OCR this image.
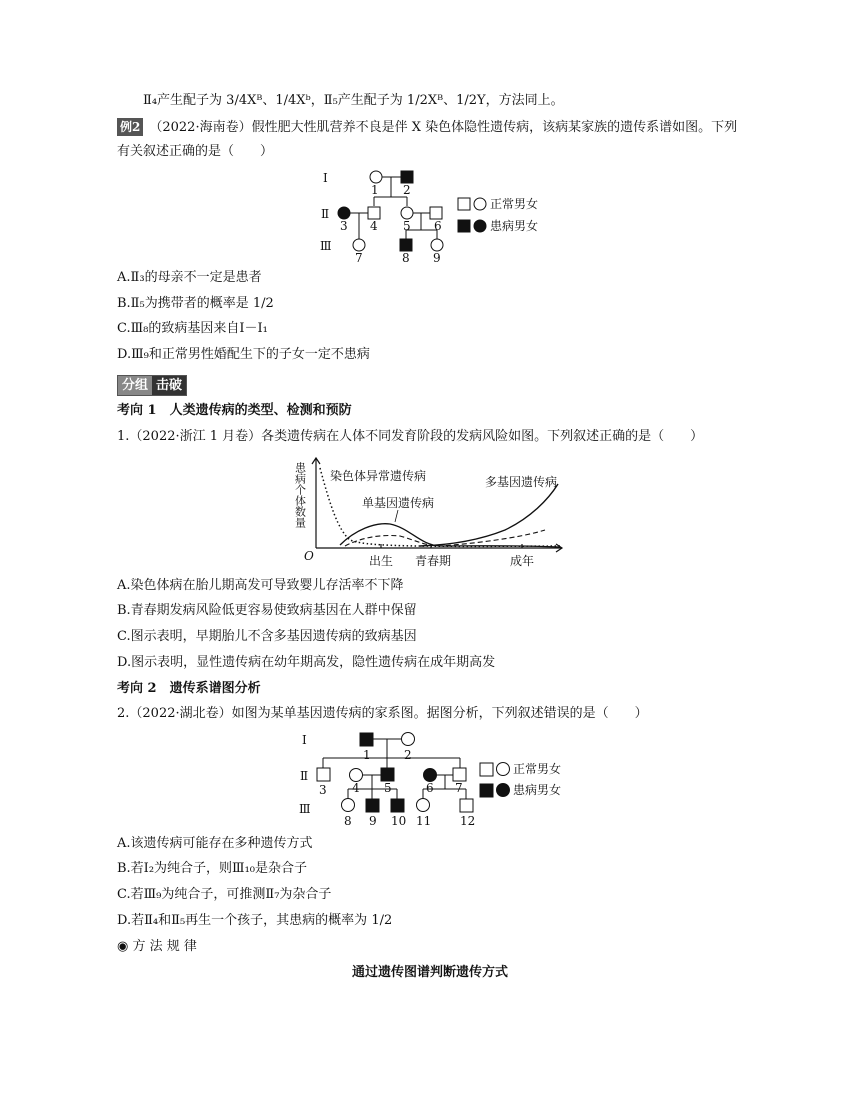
Ⅱ₄产生配子为 3/4Xᴮ、1/4Xᵇ，Ⅱ₅产生配子为 1/2Xᴮ、1/2Y，方法同上。
例2 （2022·海南卷）假性肥大性肌营养不良是伴 X 染色体隐性遗传病，该病某家族的遗传系谱如图。下列
有关叙述正确的是（　　）
Ⅰ
Ⅱ
Ⅲ
1 2
3 4 5 6
7	8 9
正常男女
患病男女
A.Ⅱ₃的母亲不一定是患者
B.Ⅱ₅为携带者的概率是 1/2
C.Ⅲ₈的致病基因来自Ⅰ－Ⅰ₁
D.Ⅲ₉和正常男性婚配生下的子女一定不患病
分组 击破
考向 1　人类遗传病的类型、检测和预防
1.（2022·浙江 1 月卷）各类遗传病在人体不同发育阶段的发病风险如图。下列叙述正确的是（　　）
患病个体数量
O	出生 青春期	成年
染色体异常遗传病
单基因遗传病
多基因遗传病
A.染色体病在胎儿期高发可导致婴儿存活率不下降
B.青春期发病风险低更容易使致病基因在人群中保留
C.图示表明，早期胎儿不含多基因遗传病的致病基因
D.图示表明，显性遗传病在幼年期高发，隐性遗传病在成年期高发
考向 2　遗传系谱图分析
2.（2022·湖北卷）如图为某单基因遗传病的家系图。据图分析，下列叙述错误的是（　　）
Ⅰ
Ⅱ
Ⅲ
1	2
3 4 5	6 7
8 9 10 11 12
正常男女
患病男女
A.该遗传病可能存在多种遗传方式
B.若Ⅰ₂为纯合子，则Ⅲ₁₀是杂合子
C.若Ⅲ₉为纯合子，可推测Ⅱ₇为杂合子
D.若Ⅱ₄和Ⅱ₅再生一个孩子，其患病的概率为 1/2
◉ 方 法 规 律
通过遗传图谱判断遗传方式
